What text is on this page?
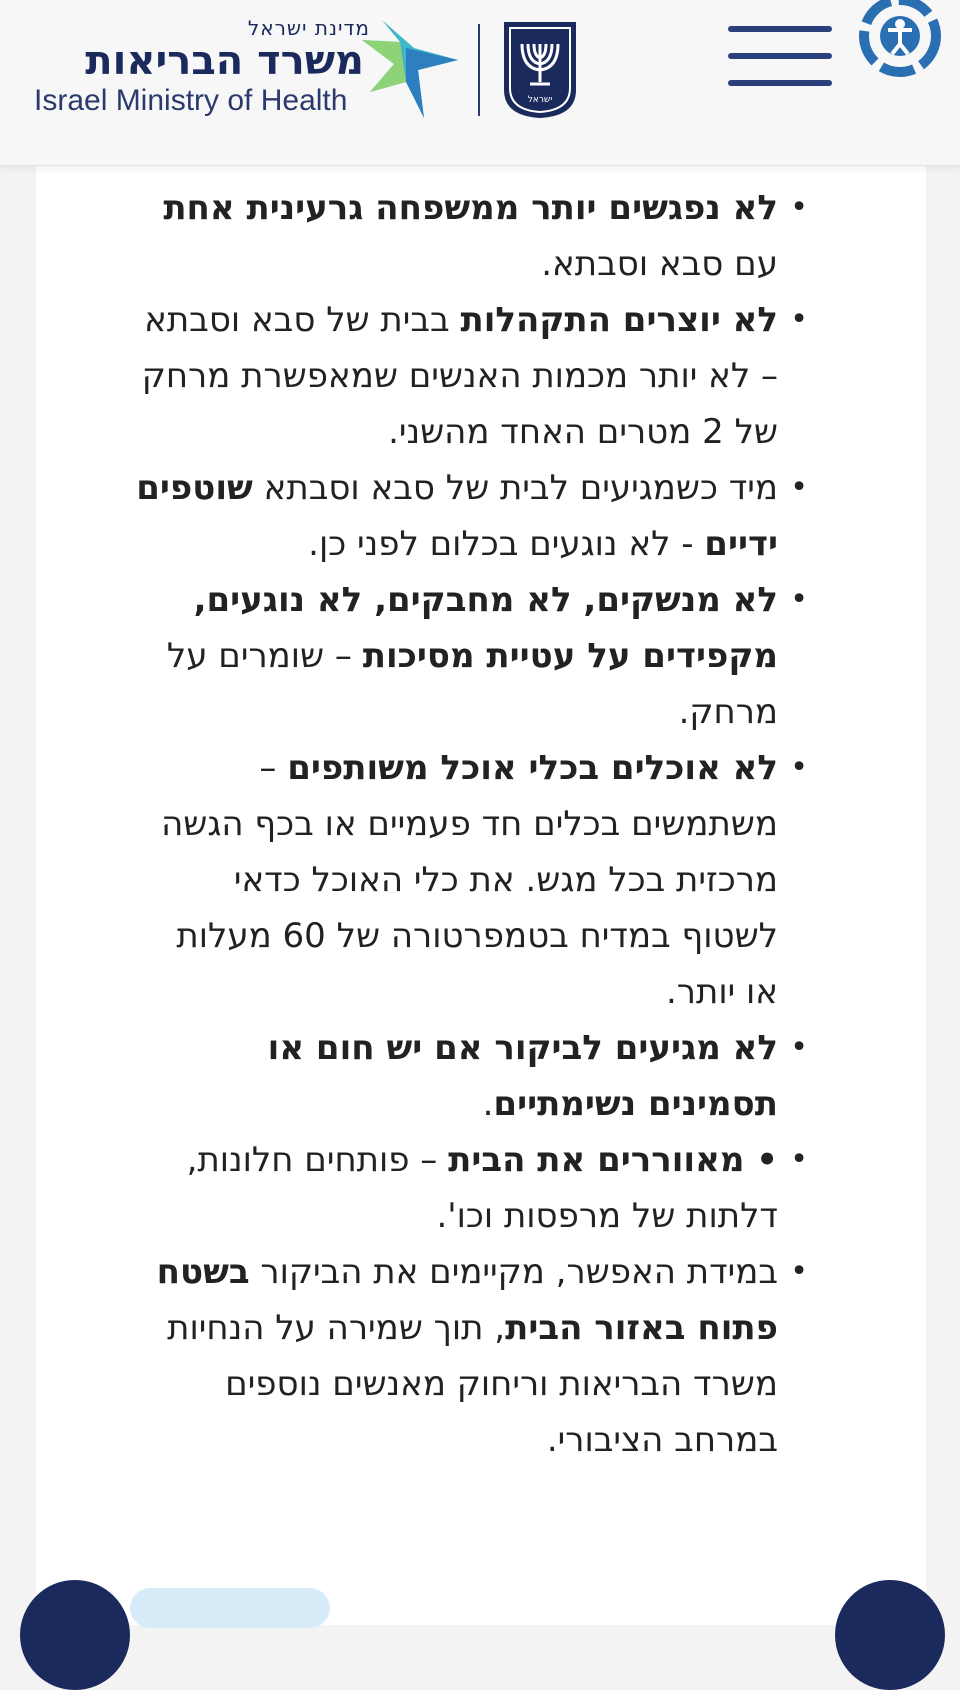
מדינת ישראל
משרד הבריאות
Israel Ministry of Health	ישראל
•
לא נפגשים יותר ממשפחה גרעינית אחת עם סבא וסבתא.
•
לא יוצרים התקהלות בבית של סבא וסבתא – לא יותר מכמות האנשים שמאפשרת מרחק של 2 מטרים האחד מהשני.
•
מיד כשמגיעים לבית של סבא וסבתא שוטפים ידיים - לא נוגעים בכלום לפני כן.
•
לא מנשקים, לא מחבקים, לא נוגעים, מקפידים על עטיית מסיכות – שומרים על מרחק.
•
לא אוכלים בכלי אוכל משותפים – משתמשים בכלים חד פעמיים או בכף הגשה מרכזית בכל מגש. את כלי האוכל כדאי לשטוף במדיח בטמפרטורה של 60 מעלות או יותר.
•
לא מגיעים לביקור אם יש חום או תסמינים נשימתיים.
•
• מאווררים את הבית – פותחים חלונות, דלתות של מרפסות וכו'.
•
במידת האפשר, מקיימים את הביקור בשטח פתוח באזור הבית, תוך שמירה על הנחיות משרד הבריאות וריחוק מאנשים נוספים במרחב הציבורי.
